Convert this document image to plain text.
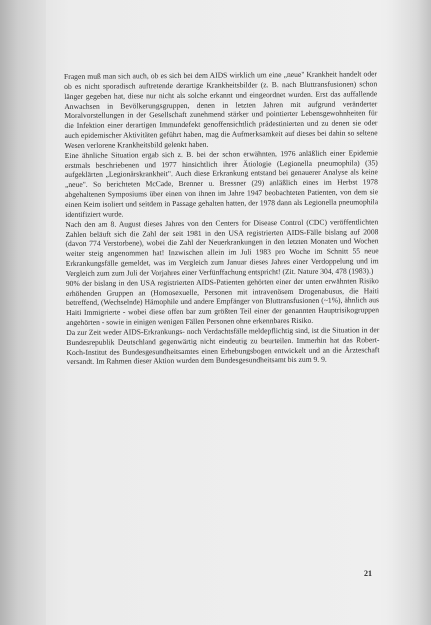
Fragen muß man sich auch, ob es sich bei dem AIDS wirklich um eine „neue" Krankheit handelt oder ob es nicht sporadisch auftretende derartige Krankheitsbilder (z. B. nach Bluttransfusionen) schon länger gegeben hat, diese nur nicht als solche erkannt und eingeordnet wurden. Erst das auffallende Anwachsen in Bevölkerungsgruppen, denen in letzten Jahren mit aufgrund veränderter Moralvorstellungen in der Gesellschaft zunehmend stärker und pointierter Lebensgewohnheiten für die Infektion einer derartigen Immundefekt genoffensichtlich prädestinierten und zu denen sie oder auch epidemischer Aktivitäten geführt haben, mag die Aufmerksamkeit auf dieses bei dahin so seltene Wesen verlorene Krankheitsbild gelenkt haben.

Eine ähnliche Situation ergab sich z. B. bei der schon erwähnten, 1976 anläßlich einer Epidemie erstmals beschriebenen und 1977 hinsichtlich ihrer Ätiologie (Legionella pneumophila) (35) aufgeklärten „Legionärskrankheit". Auch diese Erkrankung entstand bei genauerer Analyse als keine „neue". So berichteten McCade, Brenner u. Bressner (29) anläßlich eines im Herbst 1978 abgehaltenen Symposiums über einen von ihnen im Jahre 1947 beobachteten Patienten, von dem sie einen Keim isoliert und seitdem in Passage gehalten hatten, der 1978 dann als Legionella pneumophila identifiziert wurde.

Nach den am 8. August dieses Jahres von den Centers for Disease Control (CDC) veröffentlichten Zahlen beläuft sich die Zahl der seit 1981 in den USA registrierten AIDS-Fälle bislang auf 2008 (davon 774 Verstorbene), wobei die Zahl der Neuerkrankungen in den letzten Monaten und Wochen weiter steig angenommen hat! Inzwischen allein im Juli 1983 pro Woche im Schnitt 55 neue Erkrankungsfälle gemeldet, was im Vergleich zum Januar dieses Jahres einer Verdoppelung und im Vergleich zum zum Juli der Vorjahres einer Verfünffachung entspricht! (Zit. Nature 304, 478 (1983).)

90% der bislang in den USA registrierten AIDS-Patienten gehörten einer der unten erwähnten Risiko erhöhenden Gruppen an (Homosexuelle, Personen mit intravenösem Drogenabusus, die Haiti betreffend, (Wechselnde) Hämophile und andere Empfänger von Bluttransfusionen (~1%), ähnlich aus Haiti Immigrierte - wobei diese offen bar zum größten Teil einer der genannten Hauptrisikogruppen angehörten - sowie in einigen wenigen Fällen Personen ohne erkennbares Risiko.

Da zur Zeit weder AIDS-Erkrankungs- noch Verdachtsfälle meldepflichtig sind, ist die Situation in der Bundesrepublik Deutschland gegenwärtig nicht eindeutig zu beurteilen. Immerhin hat das Robert-Koch-Institut des Bundesgesundheitsamtes einen Erhebungsbogen entwickelt und an die Ärzteschaft versandt. Im Rahmen dieser Aktion wurden dem Bundesgesundheitsamt bis zum 9. 9.

21
